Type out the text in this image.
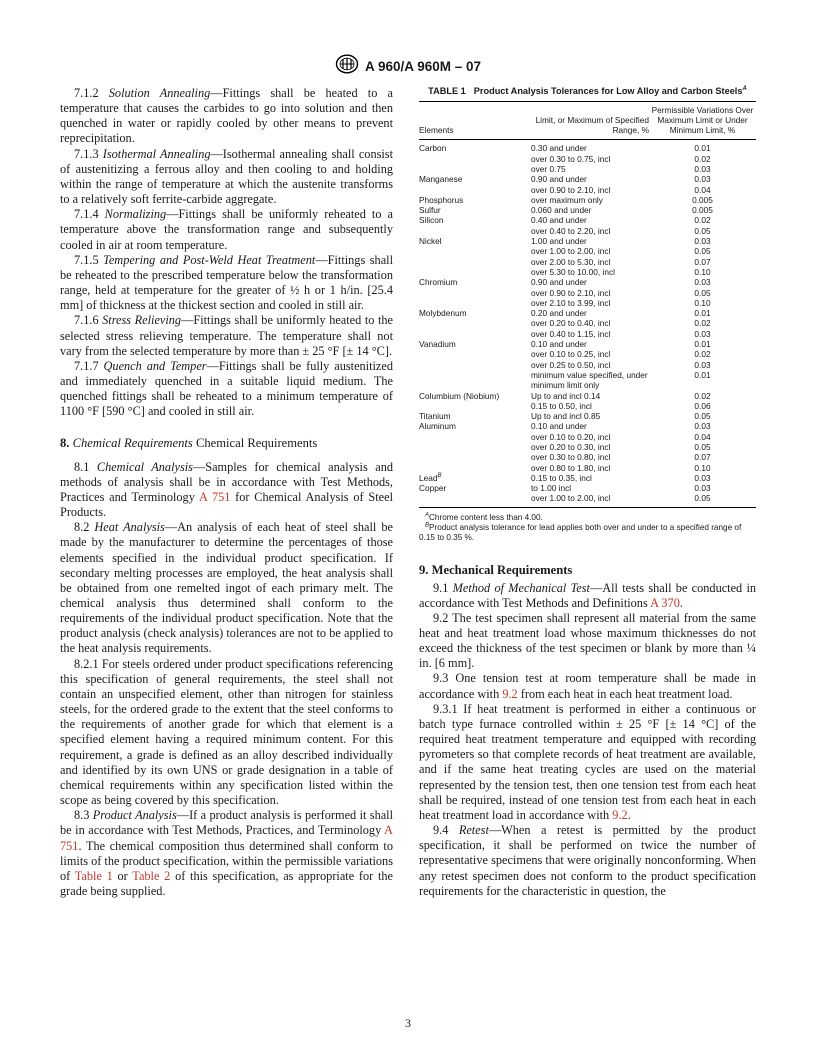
A 960/A 960M – 07

7.1.2 Solution Annealing—Fittings shall be heated to a temperature that causes the carbides to go into solution and then quenched in water or rapidly cooled by other means to prevent reprecipitation.

7.1.3 Isothermal Annealing—Isothermal annealing shall consist of austenitizing a ferrous alloy and then cooling to and holding within the range of temperature at which the austenite transforms to a relatively soft ferrite-carbide aggregate.

7.1.4 Normalizing—Fittings shall be uniformly reheated to a temperature above the transformation range and subsequently cooled in air at room temperature.

7.1.5 Tempering and Post-Weld Heat Treatment—Fittings shall be reheated to the prescribed temperature below the transformation range, held at temperature for the greater of ½ h or 1 h/in. [25.4 mm] of thickness at the thickest section and cooled in still air.

7.1.6 Stress Relieving—Fittings shall be uniformly heated to the selected stress relieving temperature. The temperature shall not vary from the selected temperature by more than ± 25 °F [± 14 °C].

7.1.7 Quench and Temper—Fittings shall be fully austenitized and immediately quenched in a suitable liquid medium. The quenched fittings shall be reheated to a minimum temperature of 1100 °F [590 °C] and cooled in still air.

8. Chemical Requirements Chemical Requirements

8.1 Chemical Analysis—Samples for chemical analysis and methods of analysis shall be in accordance with Test Methods, Practices and Terminology A 751 for Chemical Analysis of Steel Products.

8.2 Heat Analysis—An analysis of each heat of steel shall be made by the manufacturer to determine the percentages of those elements specified in the individual product specification. If secondary melting processes are employed, the heat analysis shall be obtained from one remelted ingot of each primary melt. The chemical analysis thus determined shall conform to the requirements of the individual product specification. Note that the product analysis (check analysis) tolerances are not to be applied to the heat analysis requirements.

8.2.1 For steels ordered under product specifications referencing this specification of general requirements, the steel shall not contain an unspecified element, other than nitrogen for stainless steels, for the ordered grade to the extent that the steel conforms to the requirements of another grade for which that element is a specified element having a required minimum content. For this requirement, a grade is defined as an alloy described individually and identified by its own UNS or grade designation in a table of chemical requirements within any specification listed within the scope as being covered by this specification.

8.3 Product Analysis—If a product analysis is performed it shall be in accordance with Test Methods, Practices, and Terminology A 751. The chemical composition thus determined shall conform to limits of the product specification, within the permissible variations of Table 1 or Table 2 of this specification, as appropriate for the grade being supplied.

TABLE 1 Product Analysis Tolerances for Low Alloy and Carbon Steels$^A$
Elements	Limit, or Maximum of Specified Range, %	Permissible Variations Over Maximum Limit or Under Minimum Limit, %
Carbon	0.30 and under	0.01
	over 0.30 to 0.75, incl	0.02
	over 0.75	0.03
Manganese	0.90 and under	0.03
	over 0.90 to 2.10, incl	0.04
Phosphorus	over maximum only	0.005
Sulfur	0.060 and under	0.005
Silicon	0.40 and under	0.02
	over 0.40 to 2.20, incl	0.05
Nickel	1.00 and under	0.03
	over 1.00 to 2.00, incl	0.05
	over 2.00 to 5.30, incl	0.07
	over 5.30 to 10.00, incl	0.10
Chromium	0.90 and under	0.03
	over 0.90 to 2.10, incl	0.05
	over 2.10 to 3.99, incl	0.10
Molybdenum	0.20 and under	0.01
	over 0.20 to 0.40, incl	0.02
	over 0.40 to 1.15, incl	0.03
Vanadium	0.10 and under	0.01
	over 0.10 to 0.25, incl	0.02
	over 0.25 to 0.50, incl	0.03
	minimum value specified, under minimum limit only	0.01
Columbium (Niobium)	Up to and incl 0.14	0.02
	0.15 to 0.50, incl	0.06
Titanium	Up to and incl 0.85	0.05
Aluminum	0.10 and under	0.03
	over 0.10 to 0.20, incl	0.04
	over 0.20 to 0.30, incl	0.05
	over 0.30 to 0.80, incl	0.07
	over 0.80 to 1.80, incl	0.10
Lead$^B$	0.15 to 0.35, incl	0.03
Copper	to 1.00 incl	0.03
	over 1.00 to 2.00, incl	0.05
$^A$Chrome content less than 4.00.
$^B$Product analysis tolerance for lead applies both over and under to a specified range of 0.15 to 0.35 %.

9. Mechanical Requirements

9.1 Method of Mechanical Test—All tests shall be conducted in accordance with Test Methods and Definitions A 370.

9.2 The test specimen shall represent all material from the same heat and heat treatment load whose maximum thicknesses do not exceed the thickness of the test specimen or blank by more than ¼ in. [6 mm].

9.3 One tension test at room temperature shall be made in accordance with 9.2 from each heat in each heat treatment load.

9.3.1 If heat treatment is performed in either a continuous or batch type furnace controlled within ± 25 °F [± 14 °C] of the required heat treatment temperature and equipped with recording pyrometers so that complete records of heat treatment are available, and if the same heat treating cycles are used on the material represented by the tension test, then one tension test from each heat shall be required, instead of one tension test from each heat in each heat treatment load in accordance with 9.2.

9.4 Retest—When a retest is permitted by the product specification, it shall be performed on twice the number of representative specimens that were originally nonconforming. When any retest specimen does not conform to the product specification requirements for the characteristic in question, the

3
